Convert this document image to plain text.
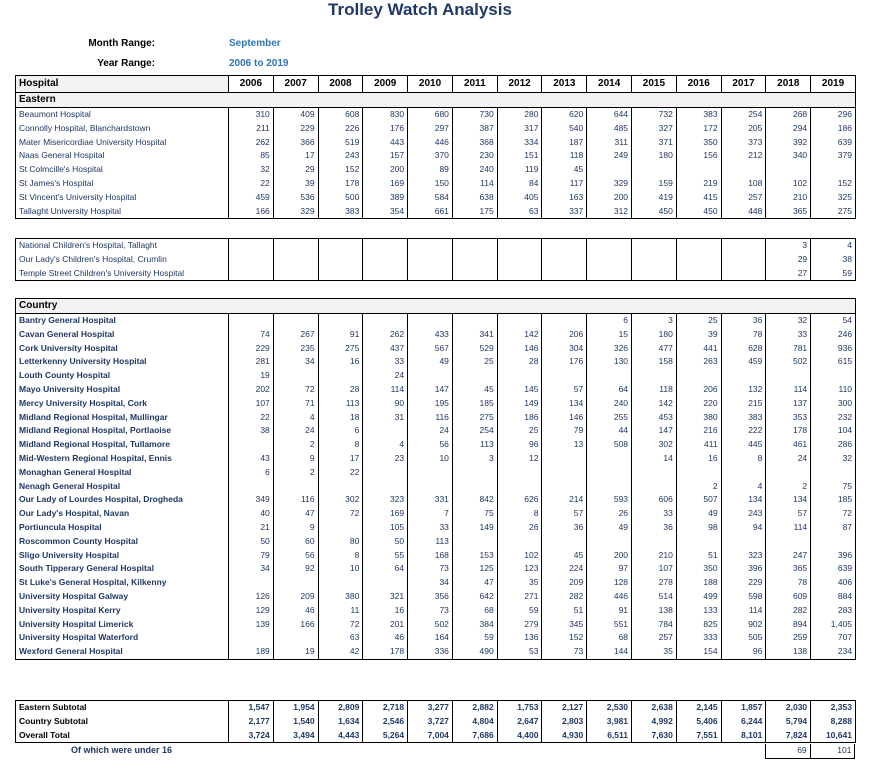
Trolley Watch Analysis
Month Range:	September
Year Range:	2006 to 2019
Hospital	2006	2007	2008	2009	2010	2011	2012	2013	2014	2015	2016	2017	2018	2019
Eastern														
Beaumont Hospital	310	409	608	830	680	730	280	620	644	732	383	254	268	296
Connolly Hospital, Blanchardstown	211	229	226	176	297	387	317	540	485	327	172	205	294	186
Mater Misericordiae University Hospital	262	366	519	443	446	368	334	187	311	371	350	373	392	639
Naas General Hospital	85	17	243	157	370	230	151	118	249	180	156	212	340	379
St Colmcille's Hospital	32	29	152	200	89	240	119	45						
St James's Hospital	22	39	178	169	150	114	84	117	329	159	219	108	102	152
St Vincent's University Hospital	459	536	500	389	584	638	405	163	200	419	415	257	210	325
Tallaght University Hospital	166	329	383	354	661	175	63	337	312	450	450	448	365	275
National Children's Hospital, Tallaght													3	4
Our Lady's Children's Hospital, Crumlin													29	38
Temple Street Children's University Hospital													27	59
Country														
Bantry General Hospital									6	3	25	36	32	54
Cavan General Hospital	74	267	91	262	433	341	142	206	15	180	39	78	33	246
Cork University Hospital	229	235	275	437	567	529	146	304	326	477	441	628	781	936
Letterkenny University Hospital	281	34	16	33	49	25	28	176	130	158	263	459	502	615
Louth County Hospital	19			24										
Mayo University Hospital	202	72	28	114	147	45	145	57	64	118	206	132	114	110
Mercy University Hospital, Cork	107	71	113	90	195	185	149	134	240	142	220	215	137	300
Midland Regional Hospital, Mullingar	22	4	18	31	116	275	186	146	255	453	380	383	353	232
Midland Regional Hospital, Portlaoise	38	24	6		24	254	25	79	44	147	216	222	178	104
Midland Regional Hospital, Tullamore		2	8	4	56	113	96	13	508	302	411	445	461	286
Mid-Western Regional Hospital, Ennis	43	9	17	23	10	3	12			14	16	8	24	32
Monaghan General Hospital	6	2	22											
Nenagh General Hospital											2	4	2	75
Our Lady of Lourdes Hospital, Drogheda	349	116	302	323	331	842	626	214	593	606	507	134	134	185
Our Lady's Hospital, Navan	40	47	72	169	7	75	8	57	26	33	49	243	57	72
Portiuncula Hospital	21	9		105	33	149	26	36	49	36	98	94	114	87
Roscommon County Hospital	50	60	80	50	113									
Sligo University Hospital	79	56	8	55	168	153	102	45	200	210	51	323	247	396
South Tipperary General Hospital	34	92	10	64	73	125	123	224	97	107	350	396	365	639
St Luke's General Hospital, Kilkenny					34	47	35	209	128	278	188	229	78	406
University Hospital Galway	126	209	380	321	356	642	271	282	446	514	499	598	609	884
University Hospital Kerry	129	46	11	16	73	68	59	51	91	138	133	114	282	283
University Hospital Limerick	139	166	72	201	502	384	279	345	551	784	825	902	894	1,405
University Hospital Waterford			63	46	164	59	136	152	68	257	333	505	259	707
Wexford General Hospital	189	19	42	178	336	490	53	73	144	35	154	96	138	234
Eastern Subtotal	1,547	1,954	2,809	2,718	3,277	2,882	1,753	2,127	2,530	2,638	2,145	1,857	2,030	2,353
Country Subtotal	2,177	1,540	1,634	2,546	3,727	4,804	2,647	2,803	3,981	4,992	5,406	6,244	5,794	8,288
Overall Total	3,724	3,494	4,443	5,264	7,004	7,686	4,400	4,930	6,511	7,630	7,551	8,101	7,824	10,641
Of which were under 16													69	101
